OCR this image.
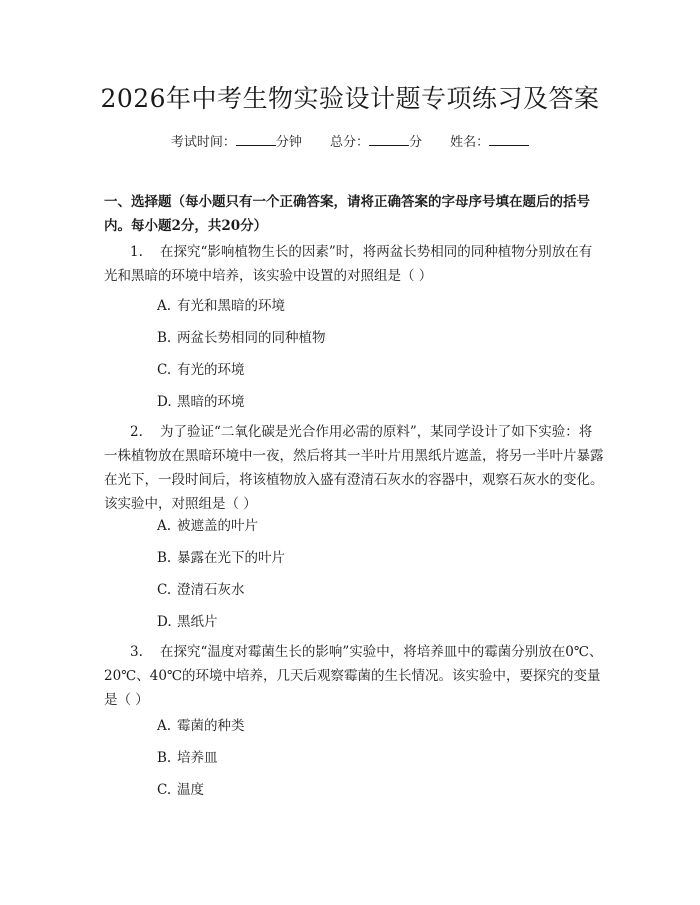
2026年中考生物实验设计题专项练习及答案
考试时间：	分钟 总分：	分 姓名：
一、选择题（每小题只有一个正确答案，请将正确答案的字母序号填在题后的括号内。每小题2分，共20分）
1. 在探究“影响植物生长的因素”时，将两盆长势相同的同种植物分别放在有光和黑暗的环境中培养，该实验中设置的对照组是（ ）
A. 有光和黑暗的环境
B. 两盆长势相同的同种植物
C. 有光的环境
D. 黑暗的环境
2. 为了验证“二氧化碳是光合作用必需的原料”，某同学设计了如下实验：将一株植物放在黑暗环境中一夜，然后将其一半叶片用黑纸片遮盖，将另一半叶片暴露在光下，一段时间后，将该植物放入盛有澄清石灰水的容器中，观察石灰水的变化。该实验中，对照组是（ ）
A. 被遮盖的叶片
B. 暴露在光下的叶片
C. 澄清石灰水
D. 黑纸片
3. 在探究“温度对霉菌生长的影响”实验中，将培养皿中的霉菌分别放在0℃、20℃、40℃的环境中培养，几天后观察霉菌的生长情况。该实验中，要探究的变量是（ ）
A. 霉菌的种类
B. 培养皿
C. 温度
